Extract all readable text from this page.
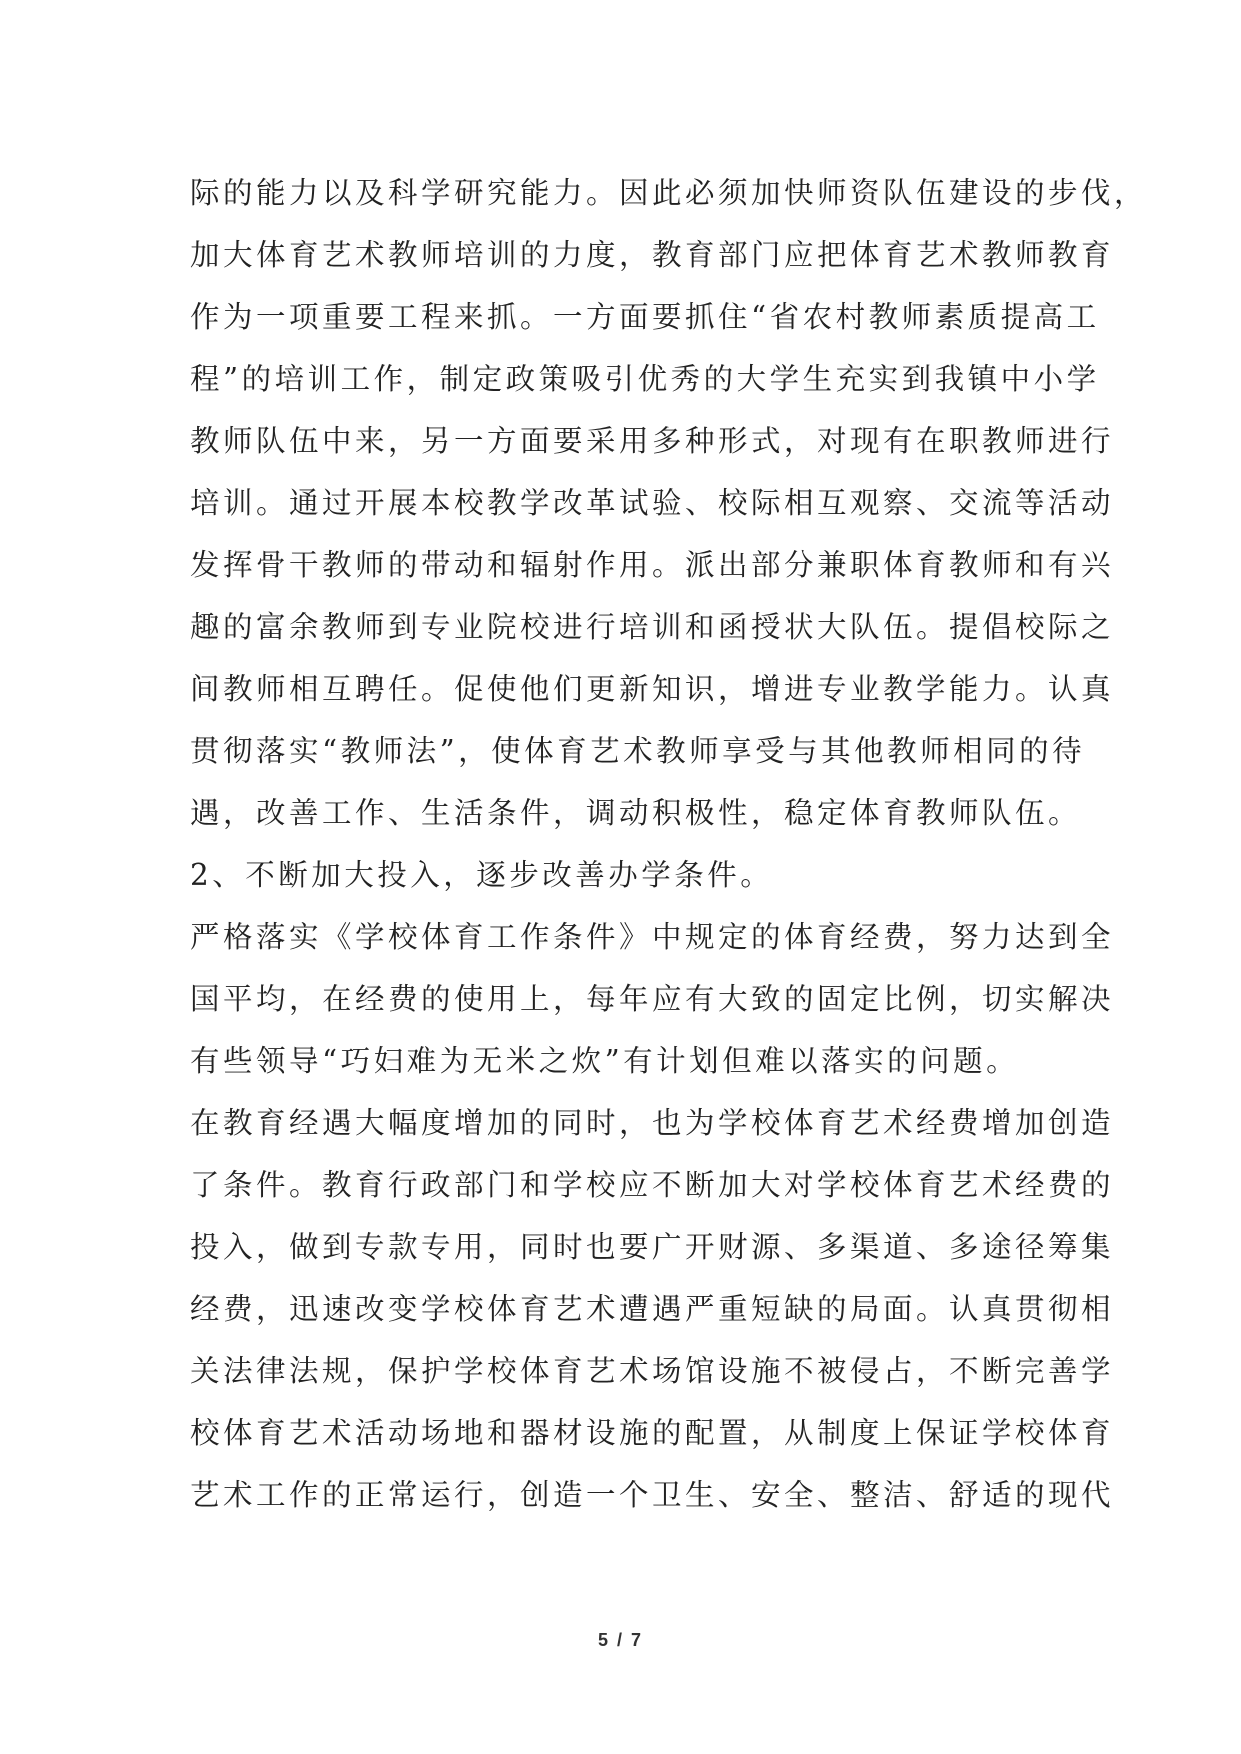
际的能力以及科学研究能力。因此必须加快师资队伍建设的步伐，
加大体育艺术教师培训的力度，教育部门应把体育艺术教师教育
作为一项重要工程来抓。一方面要抓住“省农村教师素质提高工
程”的培训工作，制定政策吸引优秀的大学生充实到我镇中小学
教师队伍中来，另一方面要采用多种形式，对现有在职教师进行
培训。通过开展本校教学改革试验、校际相互观察、交流等活动
发挥骨干教师的带动和辐射作用。派出部分兼职体育教师和有兴
趣的富余教师到专业院校进行培训和函授状大队伍。提倡校际之
间教师相互聘任。促使他们更新知识，增进专业教学能力。认真
贯彻落实“教师法”，使体育艺术教师享受与其他教师相同的待
遇，改善工作、生活条件，调动积极性，稳定体育教师队伍。
2、不断加大投入，逐步改善办学条件。
严格落实《学校体育工作条件》中规定的体育经费，努力达到全
国平均，在经费的使用上，每年应有大致的固定比例，切实解决
有些领导“巧妇难为无米之炊”有计划但难以落实的问题。
在教育经遇大幅度增加的同时，也为学校体育艺术经费增加创造
了条件。教育行政部门和学校应不断加大对学校体育艺术经费的
投入，做到专款专用，同时也要广开财源、多渠道、多途径筹集
经费，迅速改变学校体育艺术遭遇严重短缺的局面。认真贯彻相
关法律法规，保护学校体育艺术场馆设施不被侵占，不断完善学
校体育艺术活动场地和器材设施的配置，从制度上保证学校体育
艺术工作的正常运行，创造一个卫生、安全、整洁、舒适的现代
5 / 7
